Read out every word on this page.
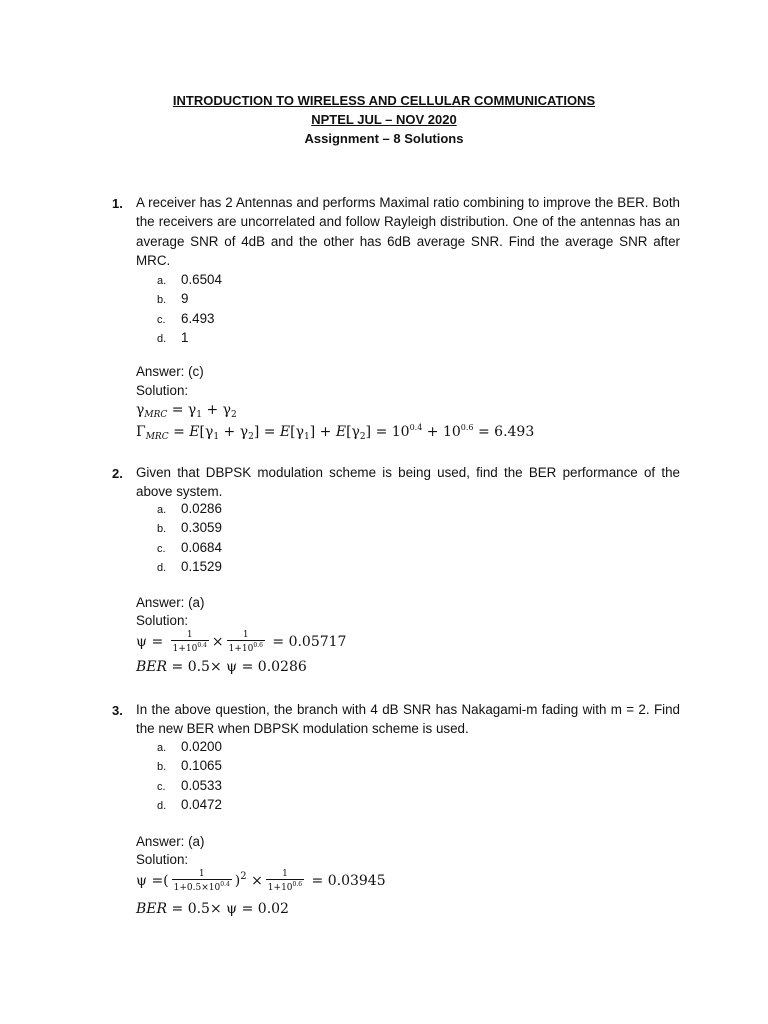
INTRODUCTION TO WIRELESS AND CELLULAR COMMUNICATIONS
NPTEL JUL – NOV 2020
Assignment – 8 Solutions
1. A receiver has 2 Antennas and performs Maximal ratio combining to improve the BER. Both the receivers are uncorrelated and follow Rayleigh distribution. One of the antennas has an average SNR of 4dB and the other has 6dB average SNR. Find the average SNR after MRC.
a. 0.6504
b. 9
c. 6.493
d. 1
Answer: (c)
Solution:
$\gamma_{MRC} = \gamma_1 + \gamma_2$
$\Gamma_{MRC} = E[\gamma_1 + \gamma_2] = E[\gamma_1] + E[\gamma_2] = 10^{0.4} + 10^{0.6} = 6.493$
2. Given that DBPSK modulation scheme is being used, find the BER performance of the above system.
a. 0.0286
b. 0.3059
c. 0.0684
d. 0.1529
Answer: (a)
Solution:
$\psi = \frac{1}{1+10^{0.4}} \times \frac{1}{1+10^{0.6}} = 0.05717$
BER = 0.5× ψ = 0.0286
3. In the above question, the branch with 4 dB SNR has Nakagami-m fading with m = 2. Find the new BER when DBPSK modulation scheme is used.
a. 0.0200
b. 0.1065
c. 0.0533
d. 0.0472
Answer: (a)
Solution:
ψ =( $\frac{1}{1+0.5\times 10^{0.4}} )^2 \times \frac{1}{1+10^{0.6}} = 0.03945$
BER = 0.5× ψ = 0.02
